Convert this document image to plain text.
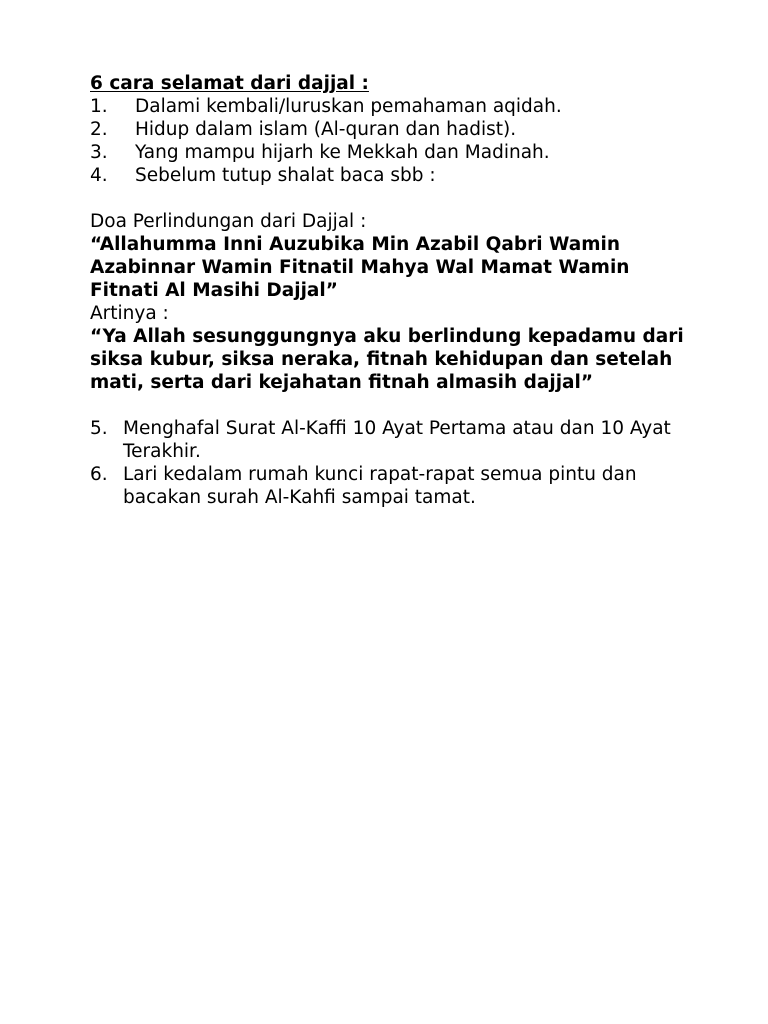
6 cara selamat dari dajjal :

1.	Dalami kembali/luruskan pemahaman aqidah.
2.	Hidup dalam islam (Al-quran dan hadist).
3.	Yang mampu hijarh ke Mekkah dan Madinah.
4.	Sebelum tutup shalat baca sbb :

Doa Perlindungan dari Dajjal :

“Allahumma Inni Auzubika Min Azabil Qabri Wamin Azabinnar Wamin Fitnatil Mahya Wal Mamat Wamin Fitnati Al Masihi Dajjal”

Artinya :

“Ya Allah sesunggungnya aku berlindung kepadamu dari siksa kubur, siksa neraka, fitnah kehidupan dan setelah mati, serta dari kejahatan fitnah almasih dajjal”

5. Menghafal Surat Al-Kaffi 10 Ayat Pertama atau dan 10 Ayat Terakhir.
6. Lari kedalam rumah kunci rapat-rapat semua pintu dan bacakan surah Al-Kahfi sampai tamat.
